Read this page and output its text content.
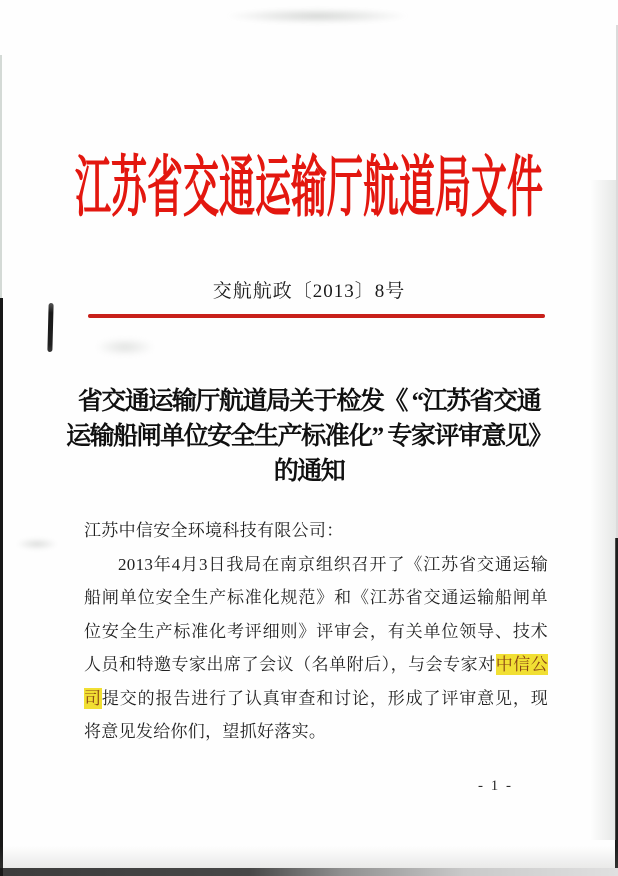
江苏省交通运输厅航道局文件
交航航政〔2013〕8号
省交通运输厅航道局关于检发《 “江苏省交通
运输船闸单位安全生产标准化” 专家评审意见》
的通知
江苏中信安全环境科技有限公司：

2013年4月3日我局在南京组织召开了《江苏省交通运输船闸单位安全生产标准化规范》和《江苏省交通运输船闸单位安全生产标准化考评细则》评审会，有关单位领导、技术人员和特邀专家出席了会议（名单附后），与会专家对中信公司提交的报告进行了认真审查和讨论，形成了评审意见，现将意见发给你们，望抓好落实。

- 1 -
